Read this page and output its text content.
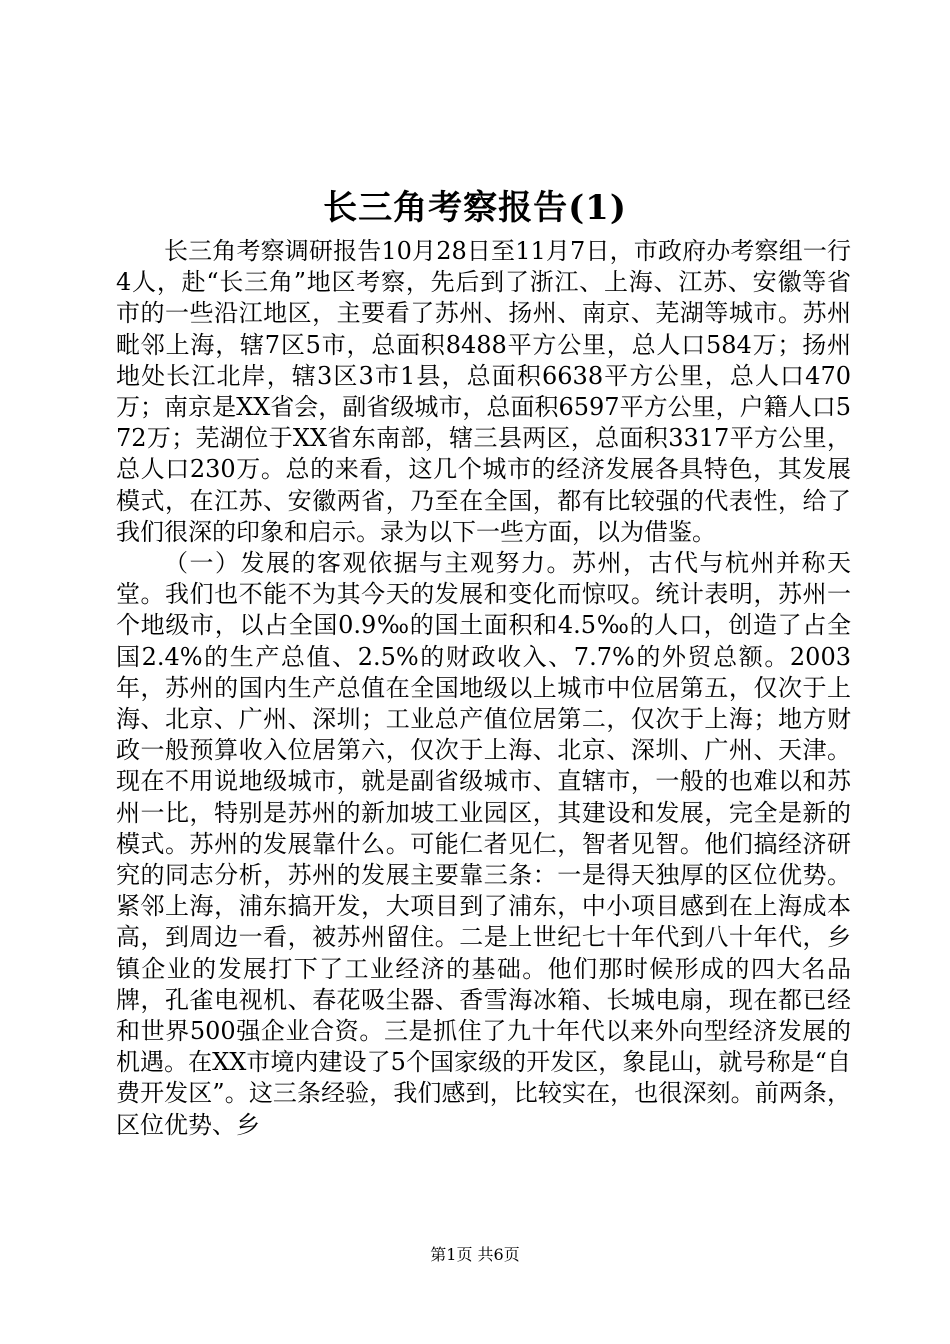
长三角考察报告(1)

长三角考察调研报告10月28日至11月7日，市政府办考察组一行4人，赴“长三角”地区考察，先后到了浙江、上海、江苏、安徽等省市的一些沿江地区，主要看了苏州、扬州、南京、芜湖等城市。苏州毗邻上海，辖7区5市，总面积8488平方公里，总人口584万；扬州地处长江北岸，辖3区3市1县，总面积6638平方公里，总人口470万；南京是XX省会，副省级城市，总面积6597平方公里，户籍人口572万；芜湖位于XX省东南部，辖三县两区，总面积3317平方公里，总人口230万。总的来看，这几个城市的经济发展各具特色，其发展模式，在江苏、安徽两省，乃至在全国，都有比较强的代表性，给了我们很深的印象和启示。录为以下一些方面，以为借鉴。

（一）发展的客观依据与主观努力。苏州，古代与杭州并称天堂。我们也不能不为其今天的发展和变化而惊叹。统计表明，苏州一个地级市，以占全国0.9‰的国土面积和4.5‰的人口，创造了占全国2.4%的生产总值、2.5%的财政收入、7.7%的外贸总额。2003年，苏州的国内生产总值在全国地级以上城市中位居第五，仅次于上海、北京、广州、深圳；工业总产值位居第二，仅次于上海；地方财政一般预算收入位居第六，仅次于上海、北京、深圳、广州、天津。现在不用说地级城市，就是副省级城市、直辖市，一般的也难以和苏州一比，特别是苏州的新加坡工业园区，其建设和发展，完全是新的模式。苏州的发展靠什么。可能仁者见仁，智者见智。他们搞经济研究的同志分析，苏州的发展主要靠三条：一是得天独厚的区位优势。紧邻上海，浦东搞开发，大项目到了浦东，中小项目感到在上海成本高，到周边一看，被苏州留住。二是上世纪七十年代到八十年代，乡镇企业的发展打下了工业经济的基础。他们那时候形成的四大名品牌，孔雀电视机、春花吸尘器、香雪海冰箱、长城电扇，现在都已经和世界500强企业合资。三是抓住了九十年代以来外向型经济发展的机遇。在XX市境内建设了5个国家级的开发区，象昆山，就号称是“自费开发区”。这三条经验，我们感到，比较实在，也很深刻。前两条，区位优势、乡

第1页 共6页
